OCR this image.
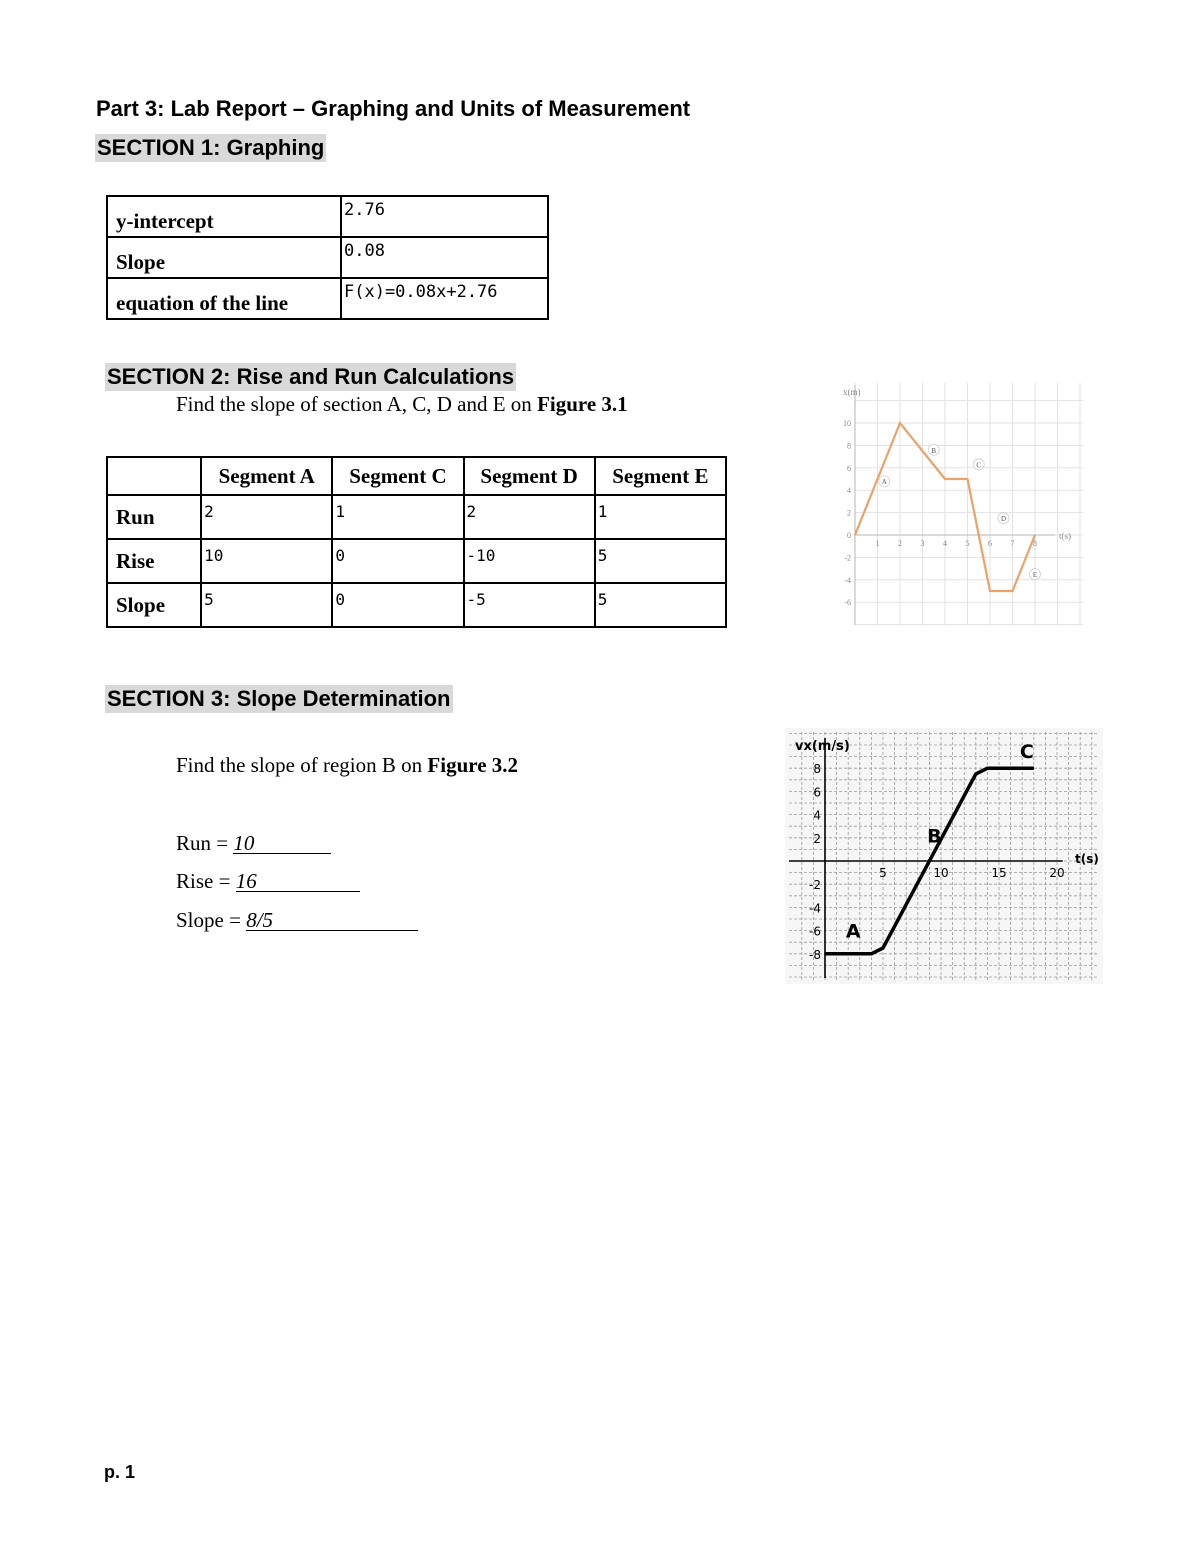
Part 3: Lab Report – Graphing and Units of Measurement
SECTION 1: Graphing
y-intercept	2.76
Slope	0.08
equation of the line	F(x)=0.08x+2.76
SECTION 2: Rise and Run Calculations
Find the slope of section A, C, D and E on Figure 3.1
	Segment A	Segment C	Segment D	Segment E
Run	2	1	2	1
Rise	10	0	-10	5
Slope	5	0	-5	5
x(m)
t(s)
10
8
6
4
2
0
-2
-4
-6
1 2 3 4 5 6 7 8
A
B
C
D
E
SECTION 3: Slope Determination
Find the slope of region B on Figure 3.2
Run = 10
Rise = 16
Slope = 8/5
vx(m/s)
t(s)
8
6
4
2
-2
-4
-6
-8
5	10	15	20
A
B
C
p. 1
